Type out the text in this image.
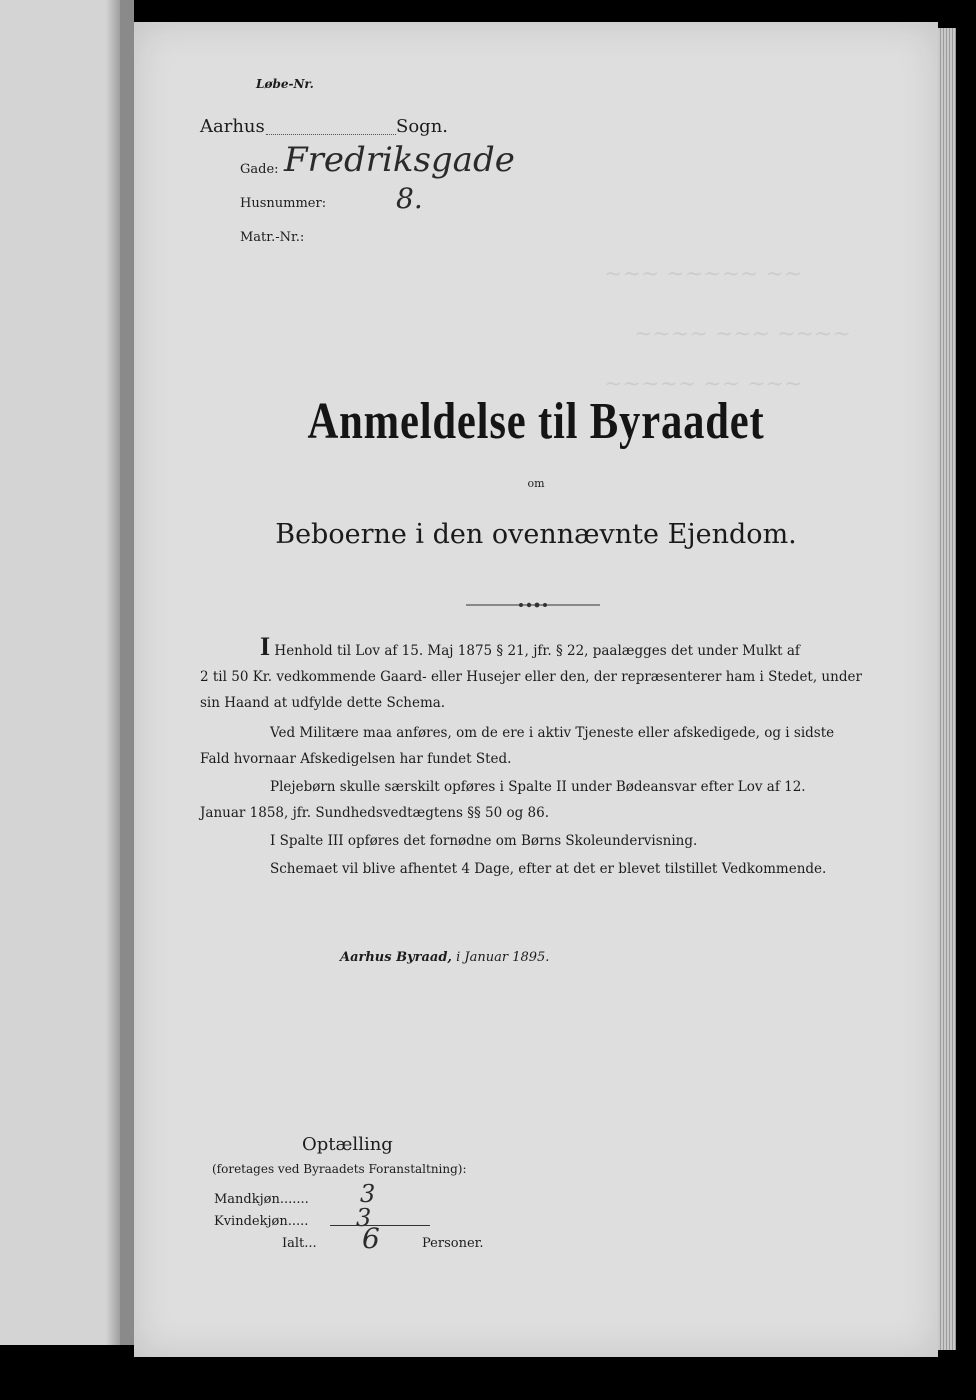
~~~ ~~~~~ ~~
~~~~ ~~~ ~~~~
~~~~~ ~~ ~~~
Løbe-Nr.
Aarhus	Sogn.
Gade: Fredriksgade
Husnummer: 8.
Matr.-Nr.:
Anmeldelse til Byraadet
om
Beboerne i den ovennævnte Ejendom.
I Henhold til Lov af 15. Maj 1875 § 21, jfr. § 22, paalægges det under Mulkt af
2 til 50 Kr. vedkommende Gaard- eller Husejer eller den, der repræsenterer ham i Stedet, under
sin Haand at udfylde dette Schema.
Ved Militære maa anføres, om de ere i aktiv Tjeneste eller afskedigede, og i sidste
Fald hvornaar Afskedigelsen har fundet Sted.
Plejebørn skulle særskilt opføres i Spalte II under Bødeansvar efter Lov af 12.
Januar 1858, jfr. Sundhedsvedtægtens §§ 50 og 86.
I Spalte III opføres det fornødne om Børns Skoleundervisning.
Schemaet vil blive afhentet 4 Dage, efter at det er blevet tilstillet Vedkommende.
Aarhus Byraad, i Januar 1895.
Optælling
(foretages ved Byraadets Foranstaltning):
Mandkjøn....... 3
Kvindekjøn..... 3
Ialt... 6	Personer.
